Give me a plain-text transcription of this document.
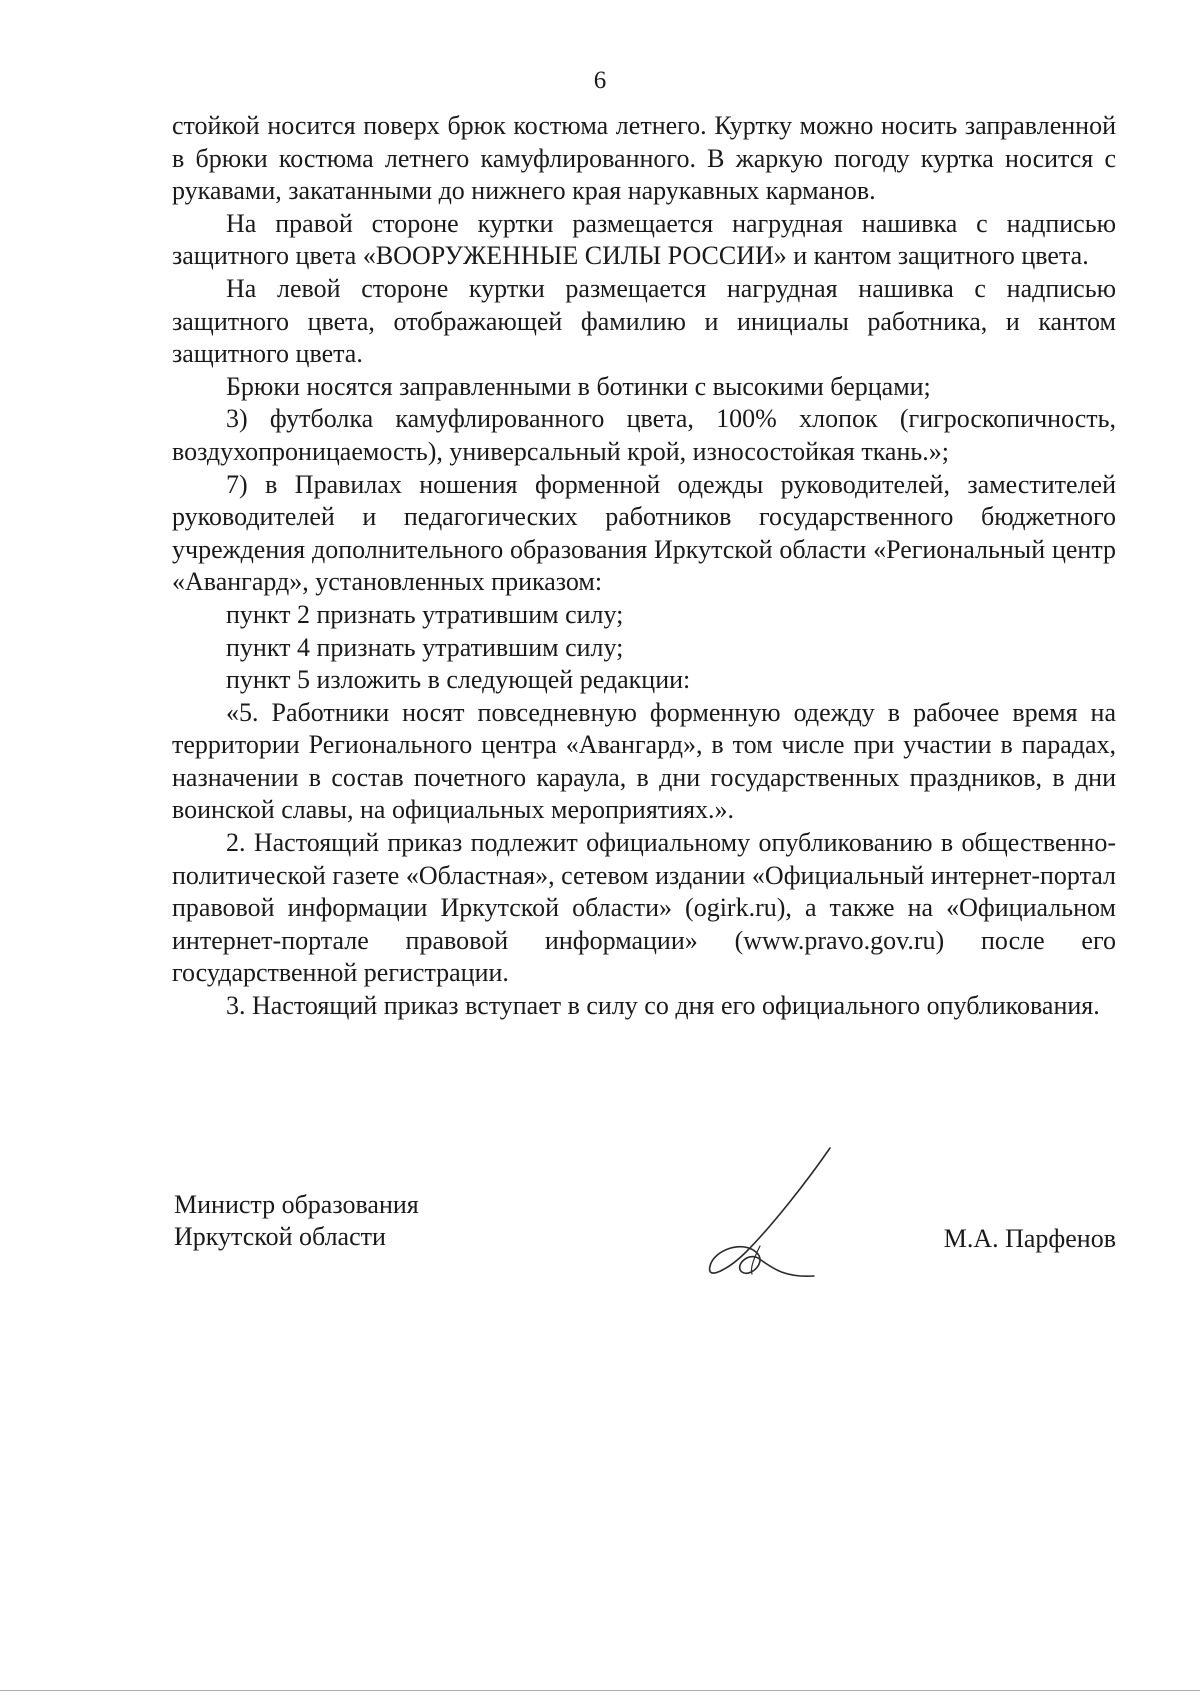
6

стойкой носится поверх брюк костюма летнего. Куртку можно носить заправленной в брюки костюма летнего камуфлированного. В жаркую погоду куртка носится с рукавами, закатанными до нижнего края нарукавных карманов.

На правой стороне куртки размещается нагрудная нашивка с надписью защитного цвета «ВООРУЖЕННЫЕ СИЛЫ РОССИИ» и кантом защитного цвета.

На левой стороне куртки размещается нагрудная нашивка с надписью защитного цвета, отображающей фамилию и инициалы работника, и кантом защитного цвета.

Брюки носятся заправленными в ботинки с высокими берцами;

3) футболка камуфлированного цвета, 100% хлопок (гигроскопичность, воздухопроницаемость), универсальный крой, износостойкая ткань.»;

7) в Правилах ношения форменной одежды руководителей, заместителей руководителей и педагогических работников государственного бюджетного учреждения дополнительного образования Иркутской области «Региональный центр «Авангард», установленных приказом:

пункт 2 признать утратившим силу;

пункт 4 признать утратившим силу;

пункт 5 изложить в следующей редакции:

«5. Работники носят повседневную форменную одежду в рабочее время на территории Регионального центра «Авангард», в том числе при участии в парадах, назначении в состав почетного караула, в дни государственных праздников, в дни воинской славы, на официальных мероприятиях.».

2. Настоящий приказ подлежит официальному опубликованию в общественно-политической газете «Областная», сетевом издании «Официальный интернет-портал правовой информации Иркутской области» (ogirk.ru), а также на «Официальном интернет-портале правовой информации» (www.pravo.gov.ru) после его государственной регистрации.

3. Настоящий приказ вступает в силу со дня его официального опубликования.

Министр образования
Иркутской области	М.А. Парфенов
